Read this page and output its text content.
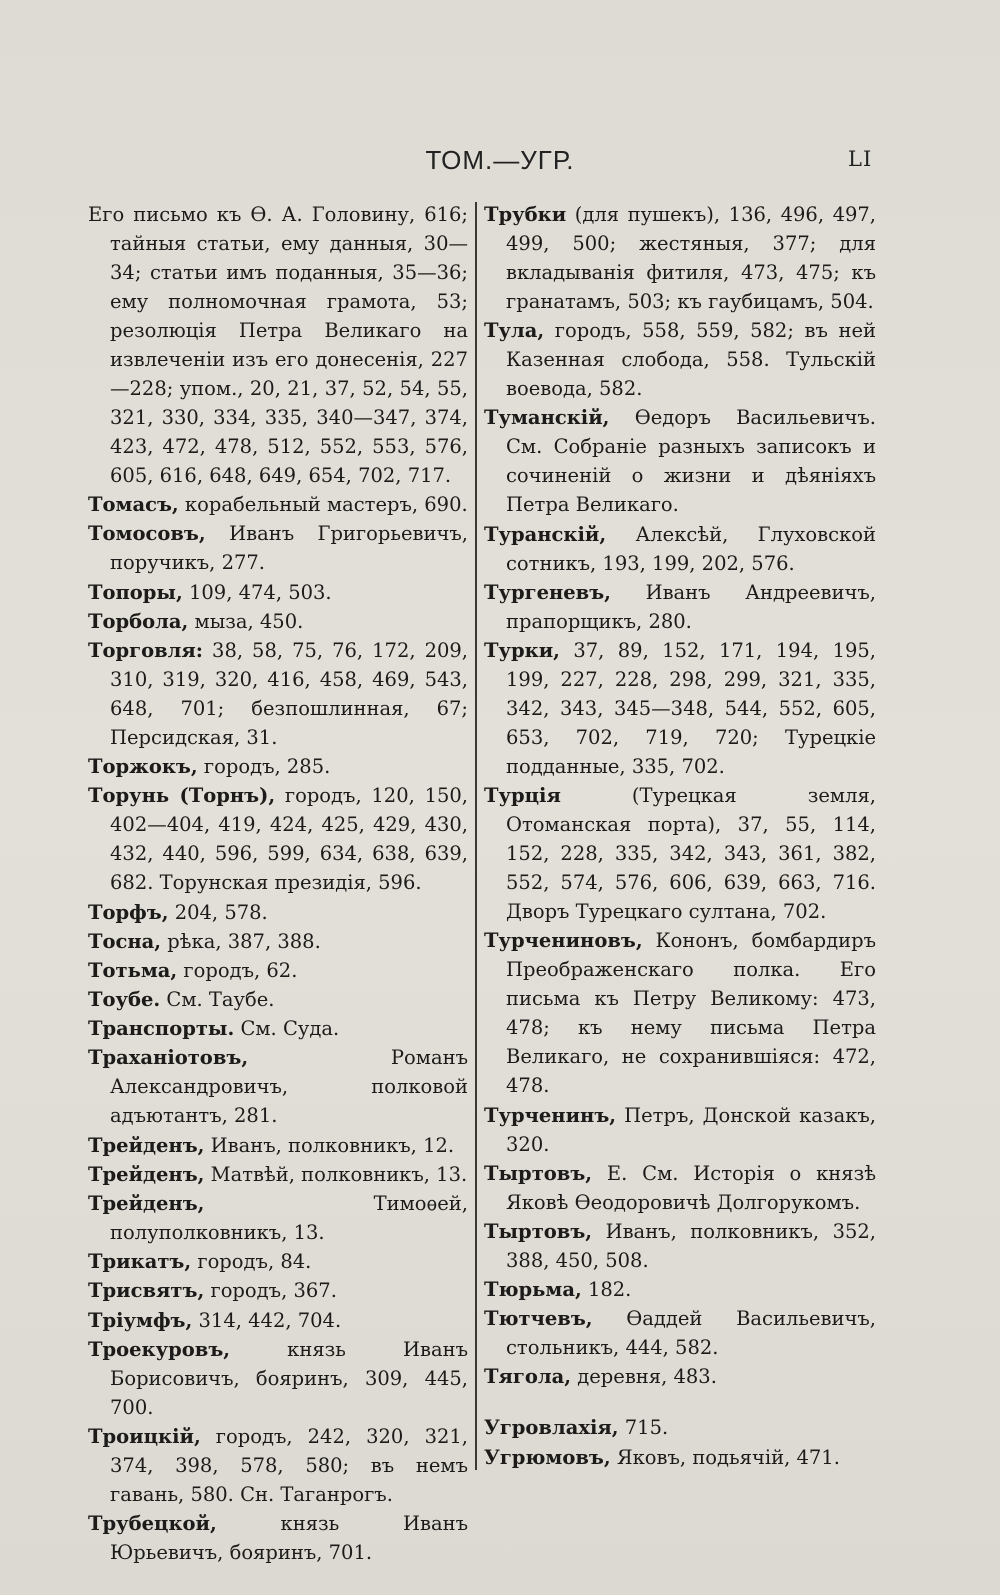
ТОМ.—УГР.	LI

Его письмо къ Ѳ. А. Головину, 616; тайныя статьи, ему данныя, 30—34; статьи имъ поданныя, 35—36; ему полномочная грамота, 53; резолюція Петра Великаго на извлеченіи изъ его донесенія, 227—228; упом., 20, 21, 37, 52, 54, 55, 321, 330, 334, 335, 340—347, 374, 423, 472, 478, 512, 552, 553, 576, 605, 616, 648, 649, 654, 702, 717.

Томасъ, корабельный мастеръ, 690.

Томосовъ, Иванъ Григорьевичъ, поручикъ, 277.

Топоры, 109, 474, 503.

Торбола, мыза, 450.

Торговля: 38, 58, 75, 76, 172, 209, 310, 319, 320, 416, 458, 469, 543, 648, 701; безпошлинная, 67; Персидская, 31.

Торжокъ, городъ, 285.

Торунь (Торнъ), городъ, 120, 150, 402—404, 419, 424, 425, 429, 430, 432, 440, 596, 599, 634, 638, 639, 682. Торунская президія, 596.

Торфъ, 204, 578.

Тосна, рѣка, 387, 388.

Тотьма, городъ, 62.

Тоубе. См. Таубе.

Транспорты. См. Суда.

Траханіотовъ, Романъ Александровичъ, полковой адъютантъ, 281.

Трейденъ, Иванъ, полковникъ, 12.

Трейденъ, Матвѣй, полковникъ, 13.

Трейденъ, Тимоѳей, полуполковникъ, 13.

Трикатъ, городъ, 84.

Трисвятъ, городъ, 367.

Тріумфъ, 314, 442, 704.

Троекуровъ, князь Иванъ Борисовичъ, бояринъ, 309, 445, 700.

Троицкій, городъ, 242, 320, 321, 374, 398, 578, 580; въ немъ гавань, 580. Сн. Таганрогъ.

Трубецкой, князь Иванъ Юрьевичъ, бояринъ, 701.

Трубки (для пушекъ), 136, 496, 497, 499, 500; жестяныя, 377; для вкладыванія фитиля, 473, 475; къ гранатамъ, 503; къ гаубицамъ, 504.

Тула, городъ, 558, 559, 582; въ ней Казенная слобода, 558. Тульскій воевода, 582.

Туманскій, Ѳедоръ Васильевичъ. См. Собраніе разныхъ записокъ и сочиненій о жизни и дѣяніяхъ Петра Великаго.

Туранскій, Алексѣй, Глуховской сотникъ, 193, 199, 202, 576.

Тургеневъ, Иванъ Андреевичъ, прапорщикъ, 280.

Турки, 37, 89, 152, 171, 194, 195, 199, 227, 228, 298, 299, 321, 335, 342, 343, 345—348, 544, 552, 605, 653, 702, 719, 720; Турецкіе подданные, 335, 702.

Турція (Турецкая земля, Отоманская порта), 37, 55, 114, 152, 228, 335, 342, 343, 361, 382, 552, 574, 576, 606, 639, 663, 716. Дворъ Турецкаго султана, 702.

Турчениновъ, Кононъ, бомбардиръ Преображенскаго полка. Его письма къ Петру Великому: 473, 478; къ нему письма Петра Великаго, не сохранившіяся: 472, 478.

Турченинъ, Петръ, Донской казакъ, 320.

Тыртовъ, Е. См. Исторія о князѣ Яковѣ Ѳеодоровичѣ Долгорукомъ.

Тыртовъ, Иванъ, полковникъ, 352, 388, 450, 508.

Тюрьма, 182.

Тютчевъ, Ѳаддей Васильевичъ, стольникъ, 444, 582.

Тягола, деревня, 483.

Угровлахія, 715.

Угрюмовъ, Яковъ, подьячій, 471.
